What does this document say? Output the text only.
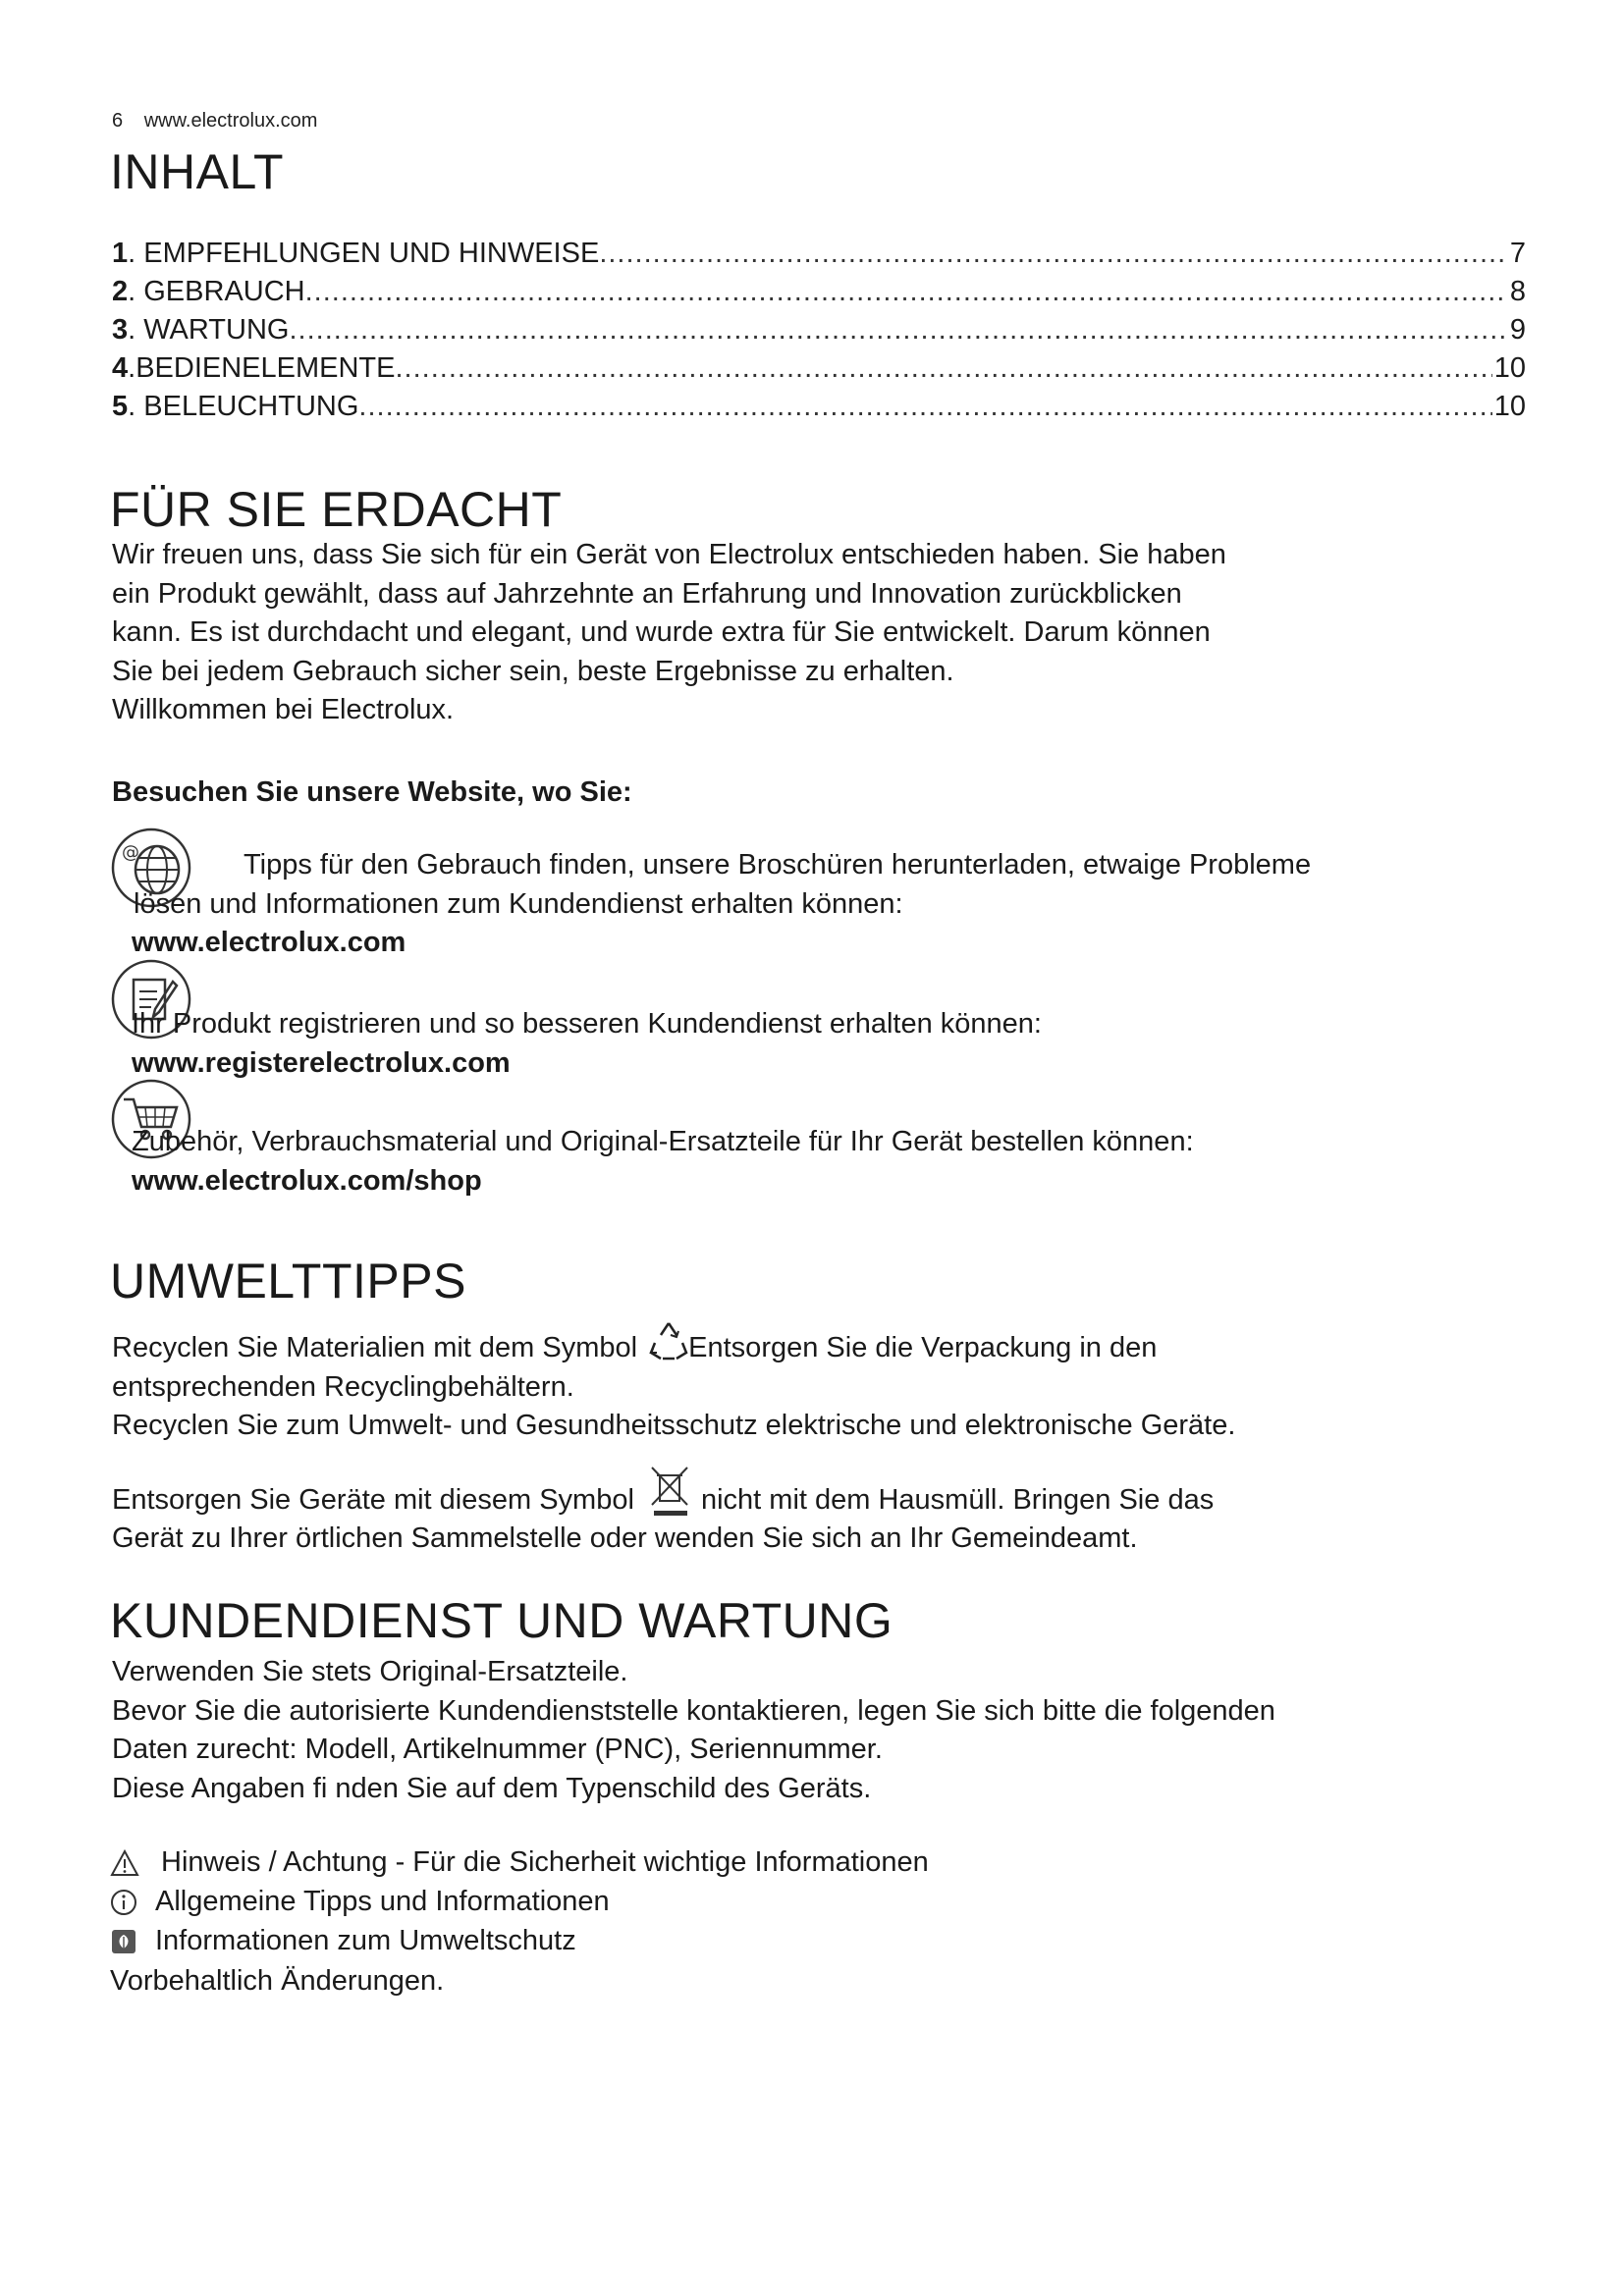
6 www.electrolux.com
INHALT
1 . EMPFEHLUNGEN UND HINWEISE .....	7
2 . GEBRAUCH .....	8
3 . WARTUNG .....	9
4 .BEDIENELEMENTE .....	10
5 . BELEUCHTUNG .....	10
FÜR SIE ERDACHT

Wir freuen uns, dass Sie sich für ein Gerät von Electrolux entschieden haben. Sie haben

ein Produkt gewählt, dass auf Jahrzehnte an Erfahrung und Innovation zurückblicken

kann. Es ist durchdacht und elegant, und wurde extra für Sie entwickelt. Darum können

Sie bei jedem Gebrauch sicher sein, beste Ergebnisse zu erhalten.

Willkommen bei Electrolux.

Besuchen Sie unsere Website, wo Sie:
@	Tipps für den Gebrauch finden, unsere Broschüren herunterladen, etwaige Probleme

lösen und Informationen zum Kundendienst erhalten können:

www.electrolux.com

Ihr Produkt registrieren und so besseren Kundendienst erhalten können:

www.registerelectrolux.com

Zubehör, Verbrauchsmaterial und Original-Ersatzteile für Ihr Gerät bestellen können:

www.electrolux.com/shop

UMWELTTIPPS

Recyclen Sie Materialien mit dem Symbol Entsorgen Sie die Verpackung in den

entsprechenden Recyclingbehältern.

Recyclen Sie zum Umwelt- und Gesundheitsschutz elektrische und elektronische Geräte.

Entsorgen Sie Geräte mit diesem Symbol nicht mit dem Hausmüll. Bringen Sie das

Gerät zu Ihrer örtlichen Sammelstelle oder wenden Sie sich an Ihr Gemeindeamt.

KUNDENDIENST UND WARTUNG

Verwenden Sie stets Original-Ersatzteile.

Bevor Sie die autorisierte Kundendienststelle kontaktieren, legen Sie sich bitte die folgenden

Daten zurecht: Modell, Artikelnummer (PNC), Seriennummer.

Diese Angaben fi nden Sie auf dem Typenschild des Geräts.

Hinweis / Achtung - Für die Sicherheit wichtige Informationen
Allgemeine Tipps und Informationen
Informationen zum Umweltschutz
Vorbehaltlich Änderungen.
